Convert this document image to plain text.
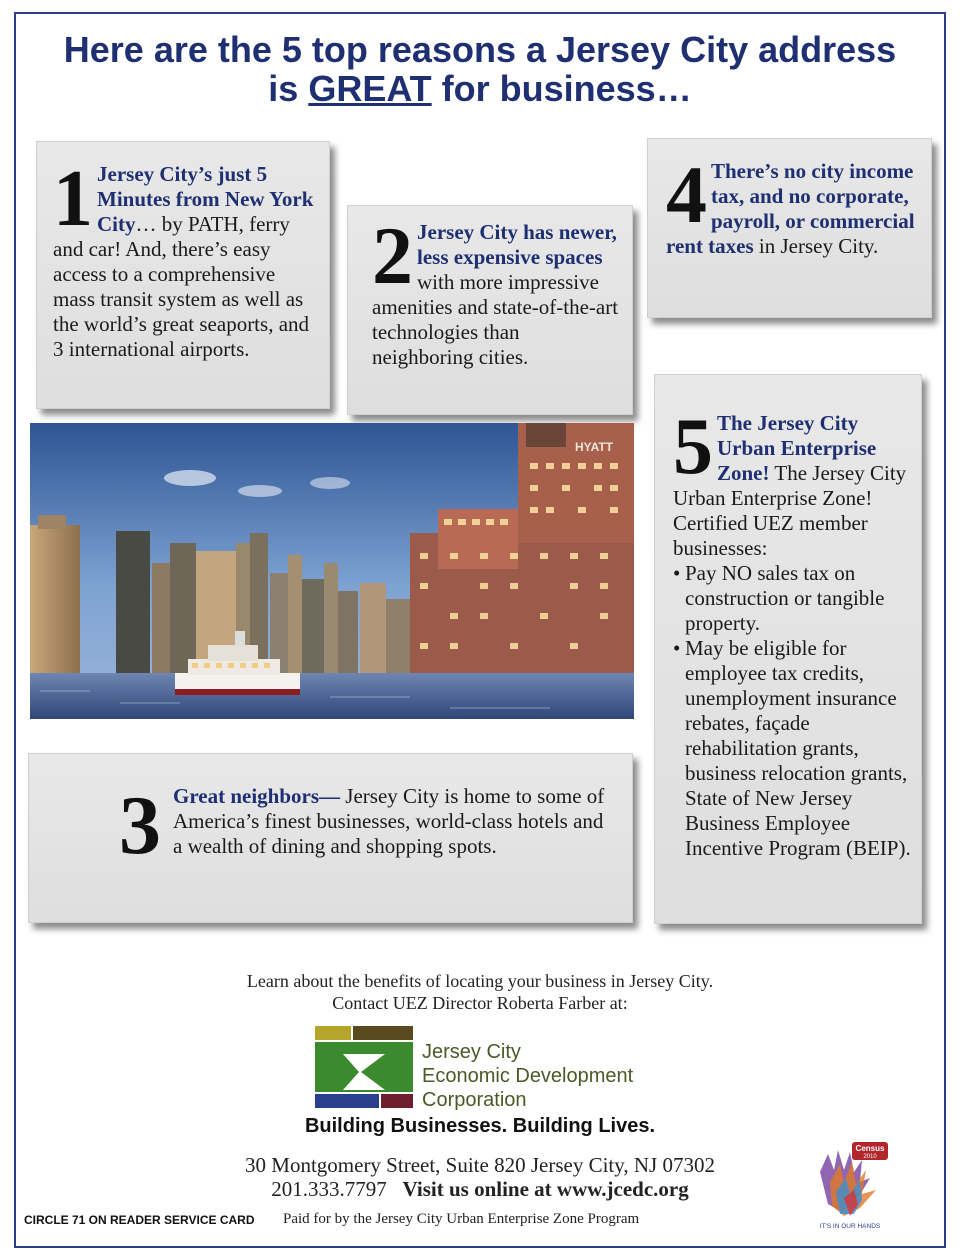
Here are the 5 top reasons a Jersey City address
is GREAT for business…
1 Jersey City’s just 5 Minutes from New York City… by PATH, ferry and car! And, there’s easy access to a comprehensive mass transit system as well as the world’s great seaports, and 3 international airports.
2 Jersey City has newer, less expensive spaces with more impressive amenities and state-of-the-art technologies than neighboring cities.
4 There’s no city income tax, and no corporate, payroll, or commercial rent taxes in Jersey City.
5 The Jersey City Urban Enterprise Zone! The Jersey City Urban Enterprise Zone! Certified UEZ member businesses:
• Pay NO sales tax on construction or tangible property.
• May be eligible for employee tax credits, unemployment insurance rebates, façade rehabilitation grants, business relocation grants, State of New Jersey Business Employee Incentive Program (BEIP).
HYATT
3 Great neighbors— Jersey City is home to some of America’s finest businesses, world-class hotels and a wealth of dining and shopping spots.
Learn about the benefits of locating your business in Jersey City.
Contact UEZ Director Roberta Farber at:
Jersey City
Economic Development
Corporation
Building Businesses. Building Lives.
30 Montgomery Street, Suite 820 Jersey City, NJ 07302
201.333.7797 Visit us online at www.jcedc.org
CIRCLE 71 ON READER SERVICE CARD Paid for by the Jersey City Urban Enterprise Zone Program
Census
2010
IT'S IN OUR HANDS
